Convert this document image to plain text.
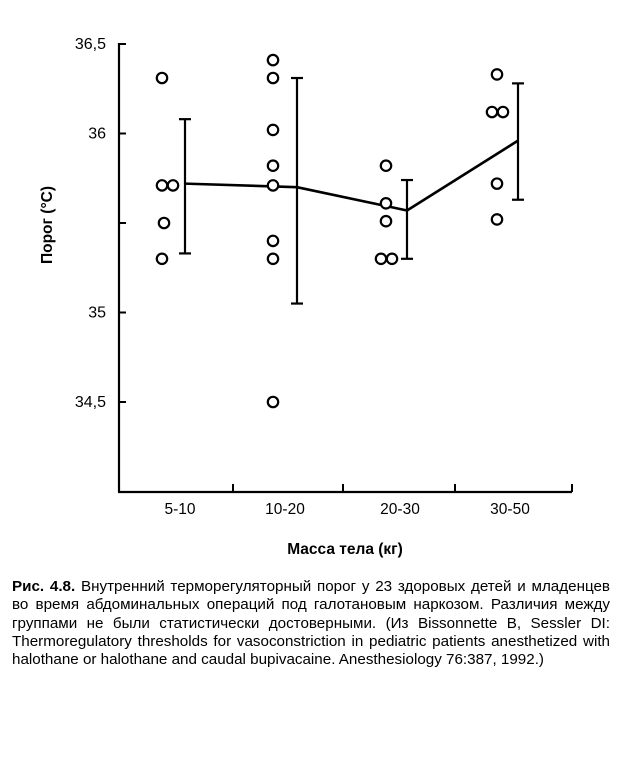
36,5
36
35
34,5
5-10	10-20	20-30	30-50
Масса тела (кг)
Порог (°С)

Рис. 4.8. Внутренний терморегуляторный порог у 23 здоровых детей и младенцев во время абдоминальных операций под галотановым наркозом. Различия между группами не были статистически достоверными. (Из Bissonnette B, Sessler DI: Thermoregulatory thresholds for vasoconstriction in pediatric patients anesthetized with halothane or halothane and caudal bupivacaine. Anesthesiology 76:387, 1992.)
